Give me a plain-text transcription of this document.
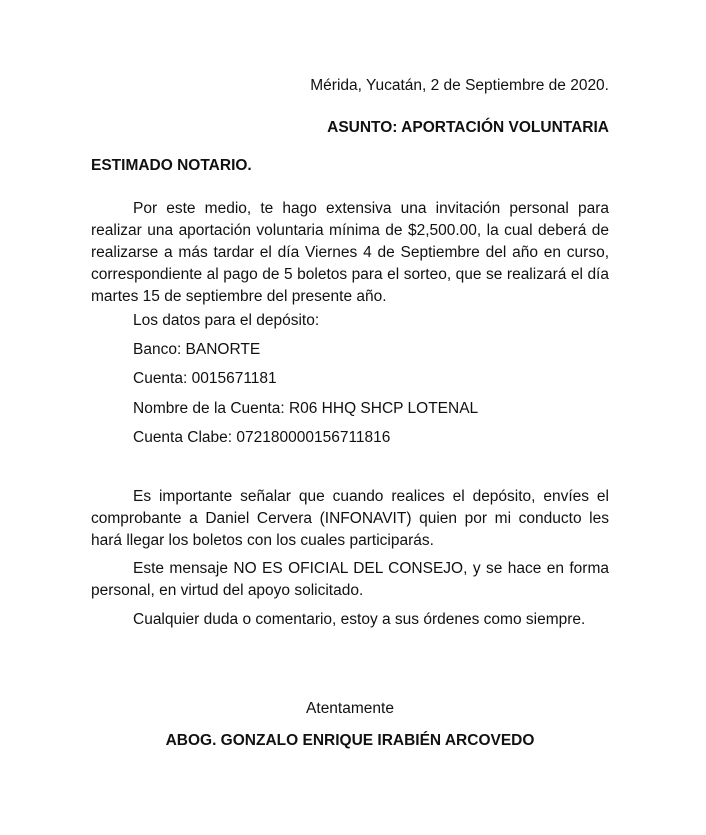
Mérida, Yucatán, 2 de Septiembre de 2020.
ASUNTO: APORTACIÓN VOLUNTARIA
ESTIMADO NOTARIO.

Por este medio, te hago extensiva una invitación personal para realizar una aportación voluntaria mínima de $2,500.00, la cual deberá de realizarse a más tardar el día Viernes 4 de Septiembre del año en curso, correspondiente al pago de 5 boletos para el sorteo, que se realizará el día martes 15 de septiembre del presente año.

Los datos para el depósito:
Banco: BANORTE
Cuenta: 0015671181
Nombre de la Cuenta: R06 HHQ SHCP LOTENAL
Cuenta Clabe: 072180000156711816

Es importante señalar que cuando realices el depósito, envíes el comprobante a Daniel Cervera (INFONAVIT) quien por mi conducto les hará llegar los boletos con los cuales participarás.

Este mensaje NO ES OFICIAL DEL CONSEJO, y se hace en forma personal, en virtud del apoyo solicitado.

Cualquier duda o comentario, estoy a sus órdenes como siempre.

Atentamente
ABOG. GONZALO ENRIQUE IRABIÉN ARCOVEDO
